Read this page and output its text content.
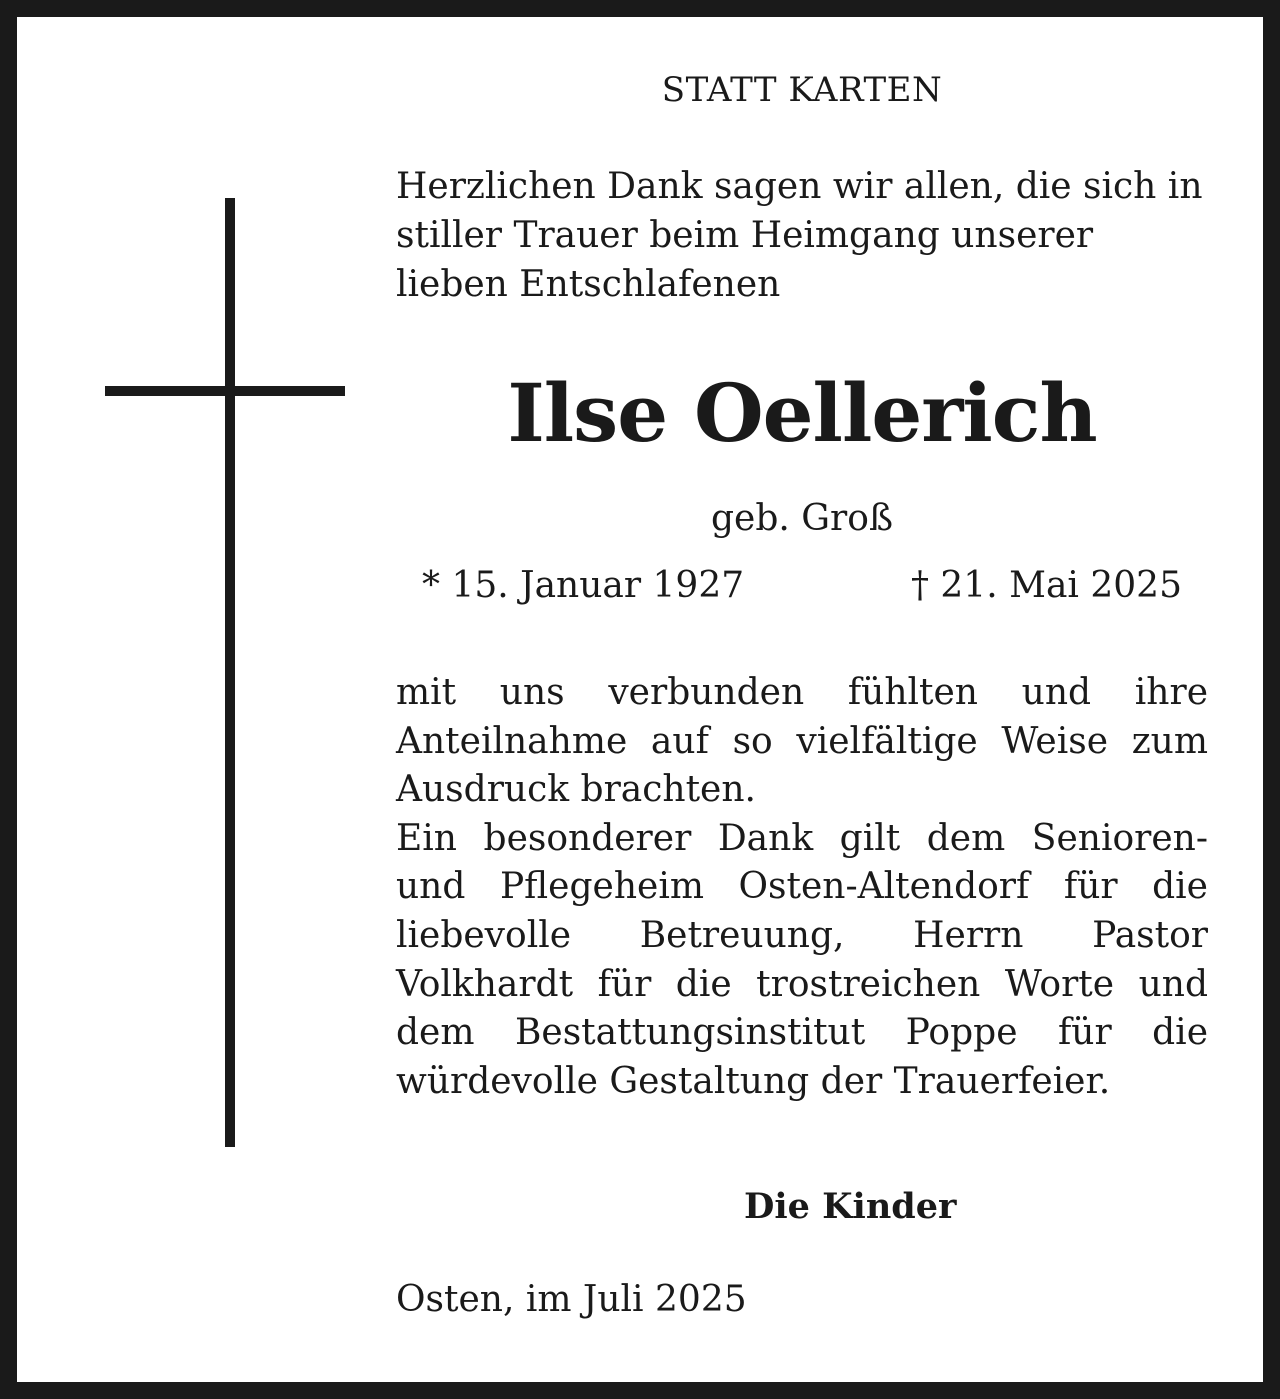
STATT KARTEN
Herzlichen Dank sagen wir allen, die sich in stiller Trauer beim Heimgang unserer lieben Entschlafenen
Ilse Oellerich
geb. Groß
* 15. Januar 1927	† 21. Mai 2025

mit uns verbunden fühlten und ihre Anteilnahme auf so vielfältige Weise zum Ausdruck brachten.

Ein besonderer Dank gilt dem Senioren- und Pflegeheim Osten-Altendorf für die liebevolle Betreuung, Herrn Pastor Volkhardt für die trostreichen Worte und dem Bestattungsinstitut Poppe für die würdevolle Gestaltung der Trauerfeier.

Die Kinder
Osten, im Juli 2025
